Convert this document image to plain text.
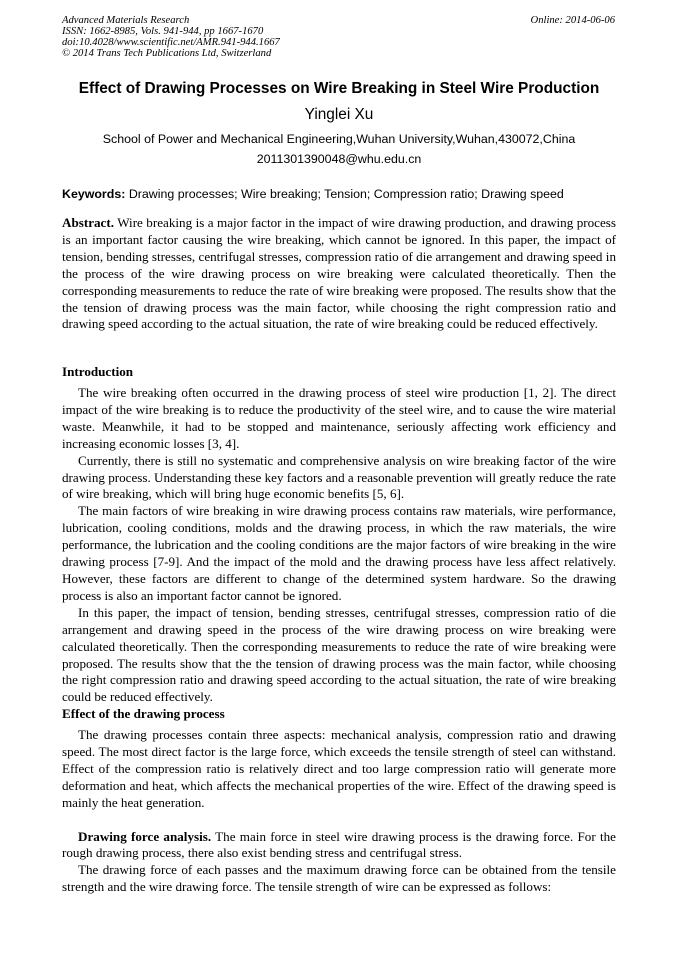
Advanced Materials Research
ISSN: 1662-8985, Vols. 941-944, pp 1667-1670
doi:10.4028/www.scientific.net/AMR.941-944.1667
© 2014 Trans Tech Publications Ltd, Switzerland
Online: 2014-06-06
Effect of Drawing Processes on Wire Breaking in Steel Wire Production
Yinglei Xu
School of Power and Mechanical Engineering,Wuhan University,Wuhan,430072,China
2011301390048@whu.edu.cn
Keywords: Drawing processes; Wire breaking; Tension; Compression ratio; Drawing speed

Abstract. Wire breaking is a major factor in the impact of wire drawing production, and drawing process is an important factor causing the wire breaking, which cannot be ignored. In this paper, the impact of tension, bending stresses, centrifugal stresses, compression ratio of die arrangement and drawing speed in the process of the wire drawing process on wire breaking were calculated theoretically. Then the corresponding measurements to reduce the rate of wire breaking were proposed. The results show that the the tension of drawing process was the main factor, while choosing the right compression ratio and drawing speed according to the actual situation, the rate of wire breaking could be reduced effectively.

Introduction

The wire breaking often occurred in the drawing process of steel wire production [1, 2]. The direct impact of the wire breaking is to reduce the productivity of the steel wire, and to cause the wire material waste. Meanwhile, it had to be stopped and maintenance, seriously affecting work efficiency and increasing economic losses [3, 4].

Currently, there is still no systematic and comprehensive analysis on wire breaking factor of the wire drawing process. Understanding these key factors and a reasonable prevention will greatly reduce the rate of wire breaking, which will bring huge economic benefits [5, 6].

The main factors of wire breaking in wire drawing process contains raw materials, wire performance, lubrication, cooling conditions, molds and the drawing process, in which the raw materials, the wire performance, the lubrication and the cooling conditions are the major factors of wire breaking in the wire drawing process [7-9]. And the impact of the mold and the drawing process have less affect relatively. However, these factors are different to change of the determined system hardware. So the drawing process is also an important factor cannot be ignored.

In this paper, the impact of tension, bending stresses, centrifugal stresses, compression ratio of die arrangement and drawing speed in the process of the wire drawing process on wire breaking were calculated theoretically. Then the corresponding measurements to reduce the rate of wire breaking were proposed. The results show that the the tension of drawing process was the main factor, while choosing the right compression ratio and drawing speed according to the actual situation, the rate of wire breaking could be reduced effectively.

Effect of the drawing process

The drawing processes contain three aspects: mechanical analysis, compression ratio and drawing speed. The most direct factor is the large force, which exceeds the tensile strength of steel can withstand. Effect of the compression ratio is relatively direct and too large compression ratio will generate more deformation and heat, which affects the mechanical properties of the wire. Effect of the drawing speed is mainly the heat generation.

Drawing force analysis. The main force in steel wire drawing process is the drawing force. For the rough drawing process, there also exist bending stress and centrifugal stress.

The drawing force of each passes and the maximum drawing force can be obtained from the tensile strength and the wire drawing force. The tensile strength of wire can be expressed as follows:
